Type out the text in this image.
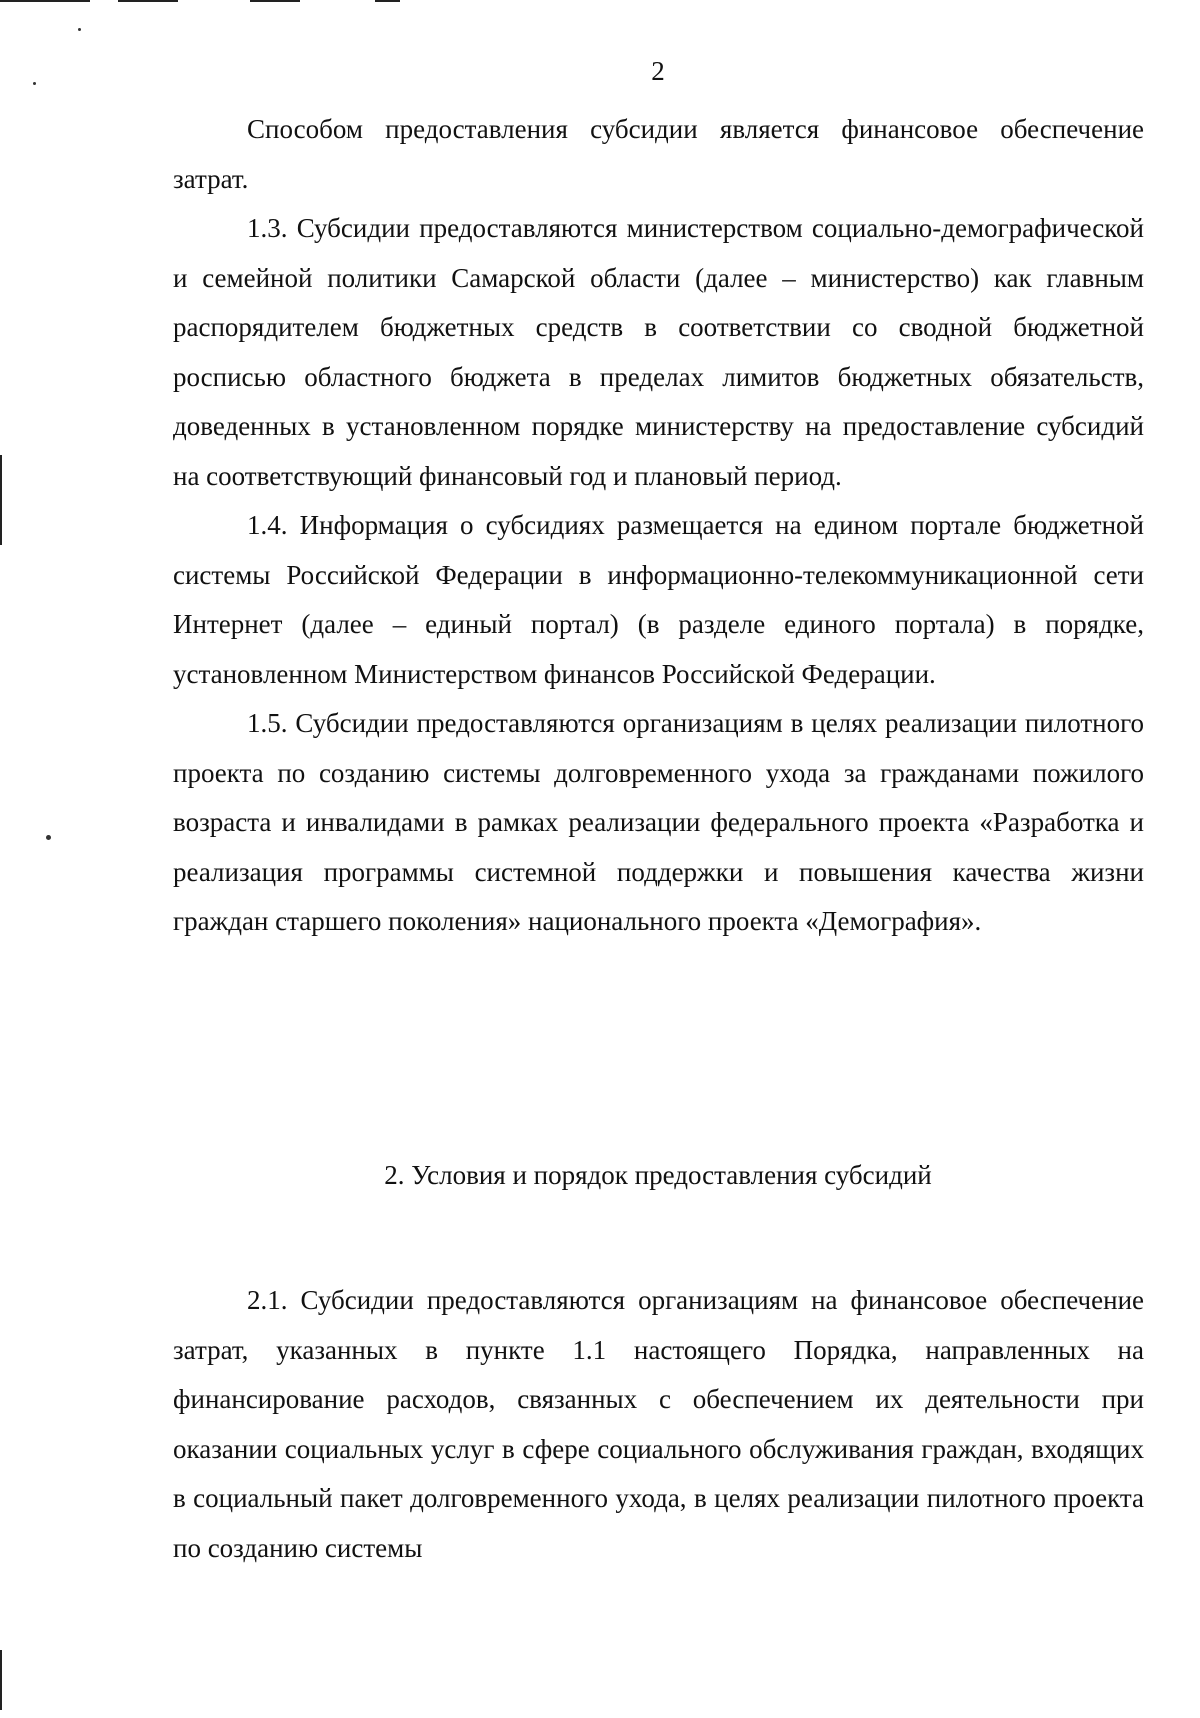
2

Способом предоставления субсидии является финансовое обеспечение затрат.

1.3. Субсидии предоставляются министерством социально-демографической и семейной политики Самарской области (далее – министерство) как главным распорядителем бюджетных средств в соответствии со сводной бюджетной росписью областного бюджета в пределах лимитов бюджетных обязательств, доведенных в установленном порядке министерству на предоставление субсидий на соответствующий финансовый год и плановый период.

1.4. Информация о субсидиях размещается на едином портале бюджетной системы Российской Федерации в информационно-телекоммуникационной сети Интернет (далее – единый портал) (в разделе единого портала) в порядке, установленном Министерством финансов Российской Федерации.

1.5. Субсидии предоставляются организациям в целях реализации пилотного проекта по созданию системы долговременного ухода за гражданами пожилого возраста и инвалидами в рамках реализации федерального проекта «Разработка и реализация программы системной поддержки и повышения качества жизни граждан старшего поколения» национального проекта «Демография».

2. Условия и порядок предоставления субсидий

2.1. Субсидии предоставляются организациям на финансовое обеспечение затрат, указанных в пункте 1.1 настоящего Порядка, направленных на финансирование расходов, связанных с обеспечением их деятельности при оказании социальных услуг в сфере социального обслуживания граждан, входящих в социальный пакет долговременного ухода, в целях реализации пилотного проекта по созданию системы
